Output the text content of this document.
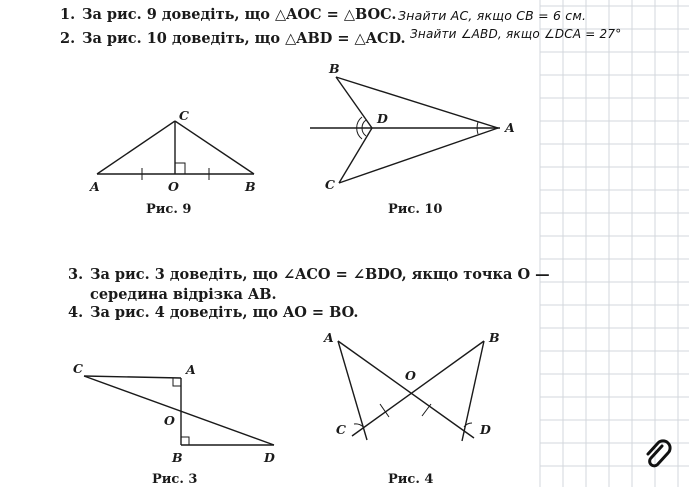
1. За рис. 9 доведіть, що △AOC = △BOC.
2. За рис. 10 доведіть, що △ABD = △ACD.
Знайти AC, якщо CB = 6 см.
Знайти ∠ABD, якщо ∠DCA = 27°
A	O	B
C
Рис. 9
B
D
A
C
Рис. 10
3. За рис. 3 доведіть, що ∠ACO = ∠BDO, якщо точка O —
середина відрізка AB.
4. За рис. 4 доведіть, що AO = BO.
C	A
O
B	D
Рис. 3
A	B
O
C	D
Рис. 4
